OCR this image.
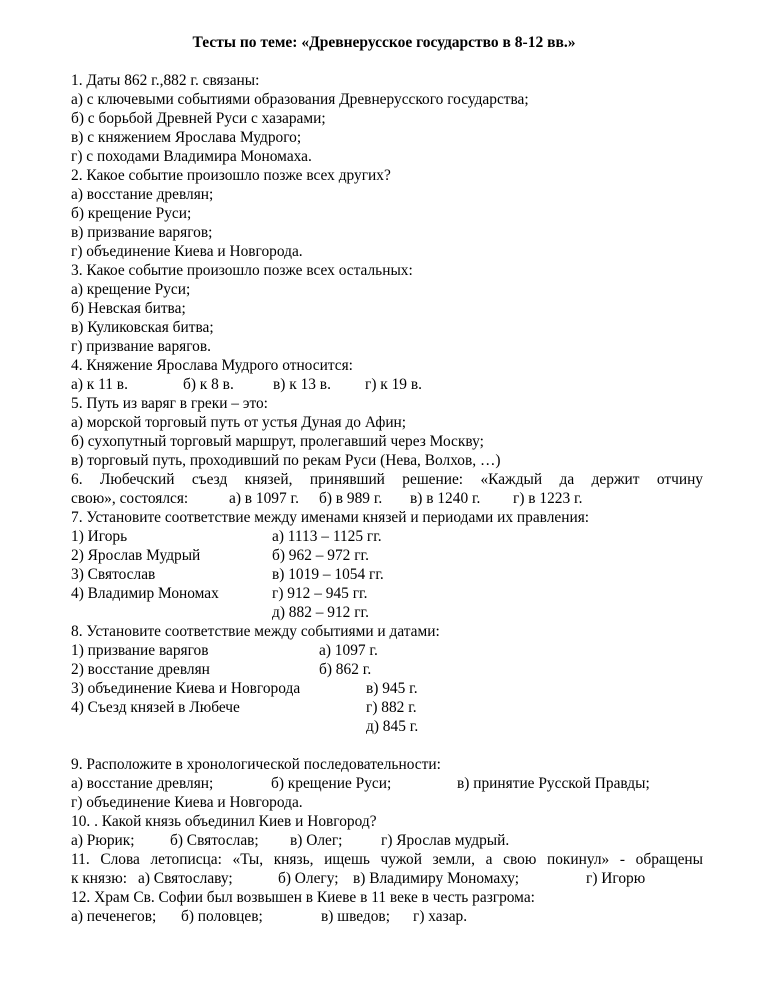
Тесты по теме: «Древнерусское государство в 8-12 вв.»
1. Даты 862 г.,882 г. связаны:
а) с ключевыми событиями образования Древнерусского государства;
б) с борьбой Древней Руси с хазарами;
в) с княжением Ярослава Мудрого;
г) с походами Владимира Мономаха.
2. Какое событие произошло позже всех других?
а) восстание древлян;
б) крещение Руси;
в) призвание варягов;
г) объединение Киева и Новгорода.
3. Какое событие произошло позже всех остальных:
а) крещение Руси;
б) Невская битва;
в) Куликовская битва;
г) призвание варягов.
4. Княжение Ярослава Мудрого относится:
а) к 11 в.	б) к 8 в.	в) к 13 в. г) к 19 в.
5. Путь из варяг в греки – это:
а) морской торговый путь от устья Дуная до Афин;
б) сухопутный торговый маршрут, пролегавший через Москву;
в) торговый путь, проходивший по рекам Руси (Нева, Волхов, …)
6. Любечский съезд князей, принявший решение: «Каждый да держит отчину
свою», состоялся:	а) в 1097 г. б) в 989 г. в) в 1240 г. г) в 1223 г.
7. Установите соответствие между именами князей и периодами их правления:
1) Игорь	а) 1113 – 1125 гг.
2) Ярослав Мудрый	б) 962 – 972 гг.
3) Святослав	в) 1019 – 1054 гг.
4) Владимир Мономах	г) 912 – 945 гг.
д) 882 – 912 гг.
8. Установите соответствие между событиями и датами:
1) призвание варягов	а) 1097 г.
2) восстание древлян	б) 862 г.
3) объединение Киева и Новгорода	в) 945 г.
4) Съезд князей в Любече	г) 882 г.
д) 845 г.
9. Расположите в хронологической последовательности:
а) восстание древлян;	б) крещение Руси;	в) принятие Русской Правды;
г) объединение Киева и Новгорода.
10. . Какой князь объединил Киев и Новгород?
а) Рюрик; б) Святослав; в) Олег;	г) Ярослав мудрый.
11. Слова летописца: «Ты, князь, ищешь чужой земли, а свою покинул» - обращены
к князю: а) Святославу;	б) Олегу; в) Владимиру Мономаху;	г) Игорю
12. Храм Св. Софии был возвышен в Киеве в 11 веке в честь разгрома:
а) печенегов; б) половцев;	в) шведов; г) хазар.
